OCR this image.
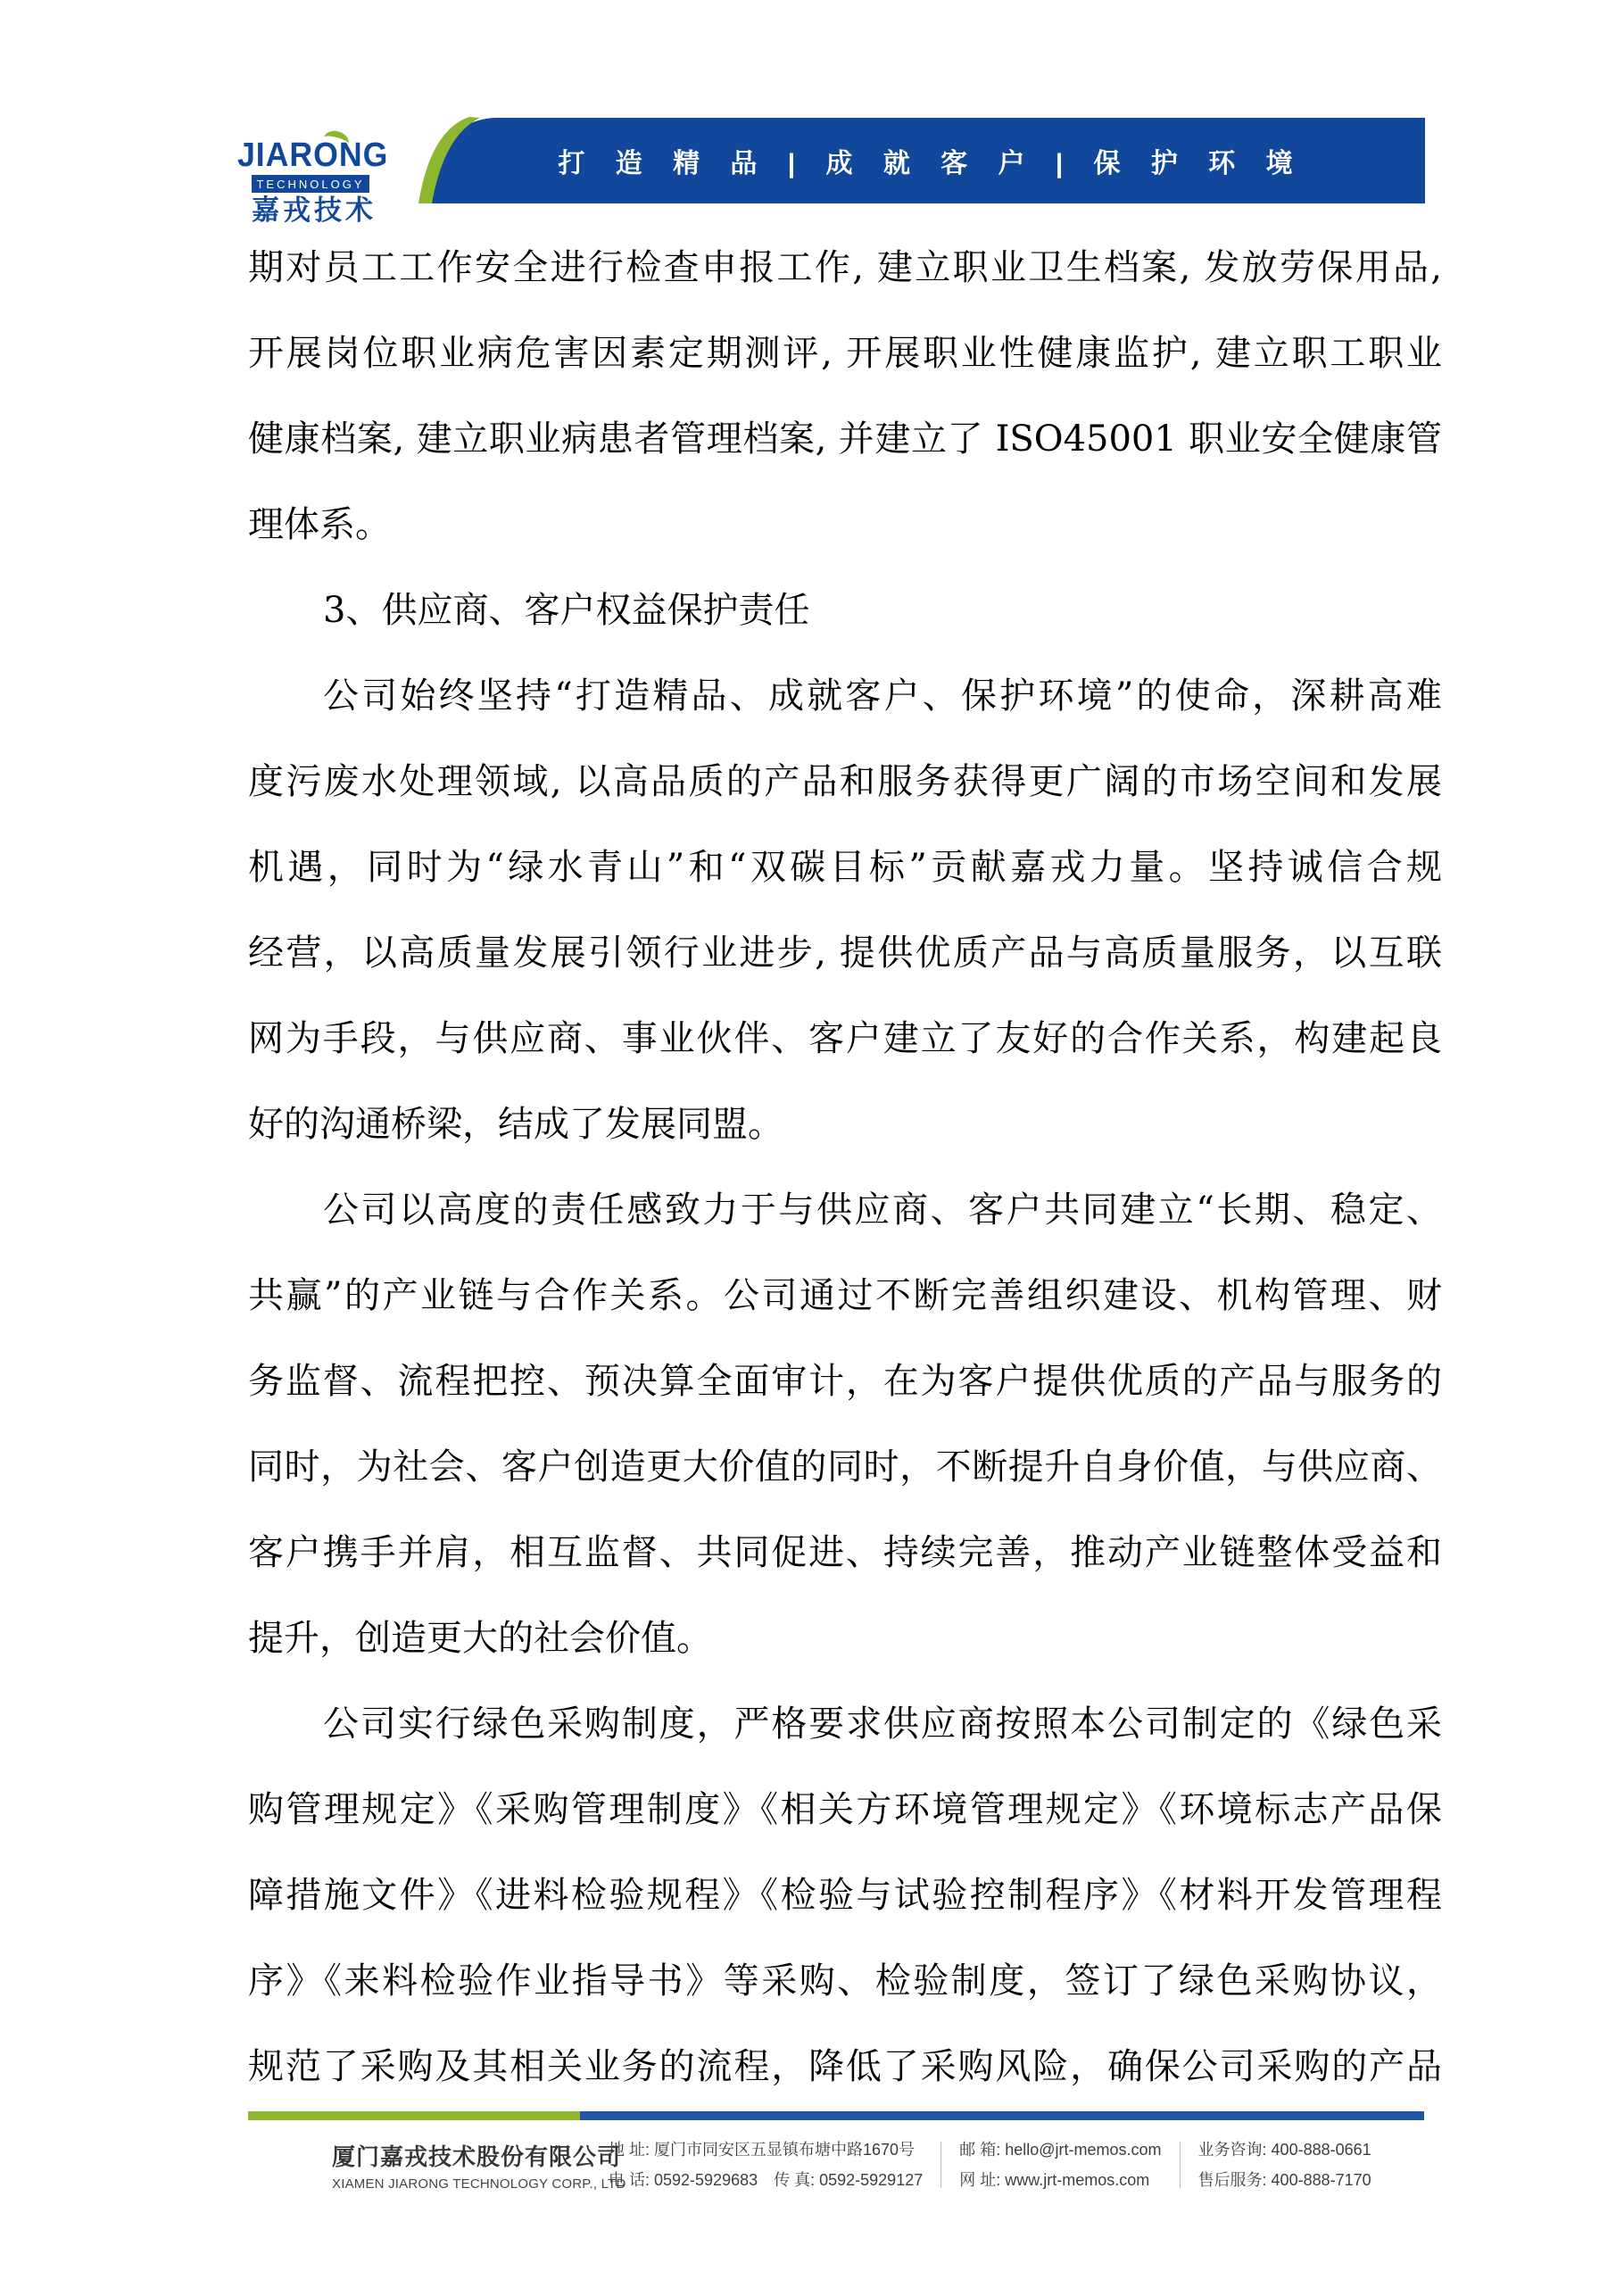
JIARONG
TECHNOLOGY
嘉戎技术
打 造 精 品 | 成 就 客 户 | 保 护 环 境
期对员工工作安全进行检查申报工作, 建立职业卫生档案, 发放劳保用品,
开展岗位职业病危害因素定期测评, 开展职业性健康监护, 建立职工职业
健康档案, 建立职业病患者管理档案, 并建立了 ISO45001 职业安全健康管
理体系。
3、供应商、客户权益保护责任
公司始终坚持“打造精品、成就客户、保护环境”的使命，深耕高难
度污废水处理领域, 以高品质的产品和服务获得更广阔的市场空间和发展
机遇，同时为“绿水青山”和“双碳目标”贡献嘉戎力量。坚持诚信合规
经营，以高质量发展引领行业进步, 提供优质产品与高质量服务，以互联
网为手段，与供应商、事业伙伴、客户建立了友好的合作关系，构建起良
好的沟通桥梁，结成了发展同盟。
公司以高度的责任感致力于与供应商、客户共同建立“长期、稳定、
共赢”的产业链与合作关系。公司通过不断完善组织建设、机构管理、财
务监督、流程把控、预决算全面审计，在为客户提供优质的产品与服务的
同时，为社会、客户创造更大价值的同时，不断提升自身价值，与供应商、
客户携手并肩，相互监督、共同促进、持续完善，推动产业链整体受益和
提升，创造更大的社会价值。
公司实行绿色采购制度，严格要求供应商按照本公司制定的《绿色采
购管理规定》《采购管理制度》《相关方环境管理规定》《环境标志产品保
障措施文件》《进料检验规程》《检验与试验控制程序》《材料开发管理程
序》《来料检验作业指导书》等采购、检验制度，签订了绿色采购协议，
规范了采购及其相关业务的流程，降低了采购风险，确保公司采购的产品
厦门嘉戎技术股份有限公司
XIAMEN JIARONG TECHNOLOGY CORP., LTD
地 址: 厦门市同安区五显镇布塘中路1670号
电 话: 0592-5929683　传 真: 0592-5929127
邮 箱: hello@jrt-memos.com
网 址: www.jrt-memos.com
业务咨询: 400-888-0661
售后服务: 400-888-7170
